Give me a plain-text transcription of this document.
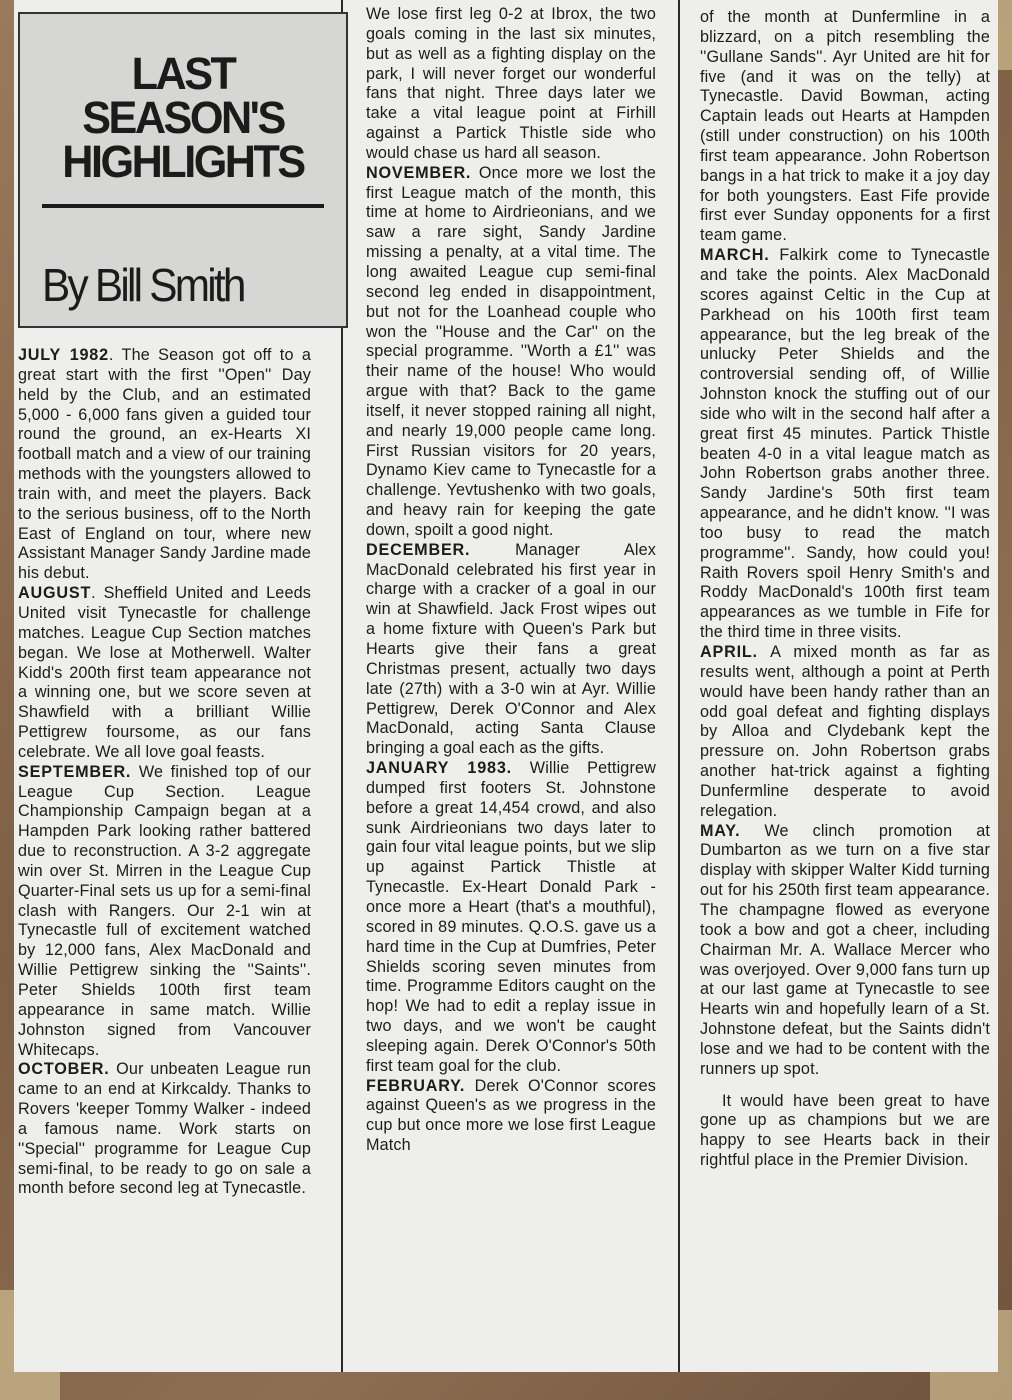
LAST
SEASON'S
HIGHLIGHTS
By Bill Smith

JULY 1982. The Season got off to a great start with the first ''Open'' Day held by the Club, and an estimated 5,000 - 6,000 fans given a guided tour round the ground, an ex-Hearts XI football match and a view of our training methods with the youngsters allowed to train with, and meet the players. Back to the serious business, off to the North East of England on tour, where new Assistant Manager Sandy Jardine made his debut.

AUGUST. Sheffield United and Leeds United visit Tynecastle for challenge matches. League Cup Section matches began. We lose at Motherwell. Walter Kidd's 200th first team appearance not a winning one, but we score seven at Shawfield with a brilliant Willie Pettigrew foursome, as our fans celebrate. We all love goal feasts.

SEPTEMBER. We finished top of our League Cup Section. League Championship Campaign began at a Hampden Park looking rather battered due to reconstruction. A 3-2 aggregate win over St. Mirren in the League Cup Quarter-Final sets us up for a semi-final clash with Rangers. Our 2-1 win at Tynecastle full of excitement watched by 12,000 fans, Alex MacDonald and Willie Pettigrew sinking the ''Saints''. Peter Shields 100th first team appearance in same match. Willie Johnston signed from Vancouver Whitecaps.

OCTOBER. Our unbeaten League run came to an end at Kirkcaldy. Thanks to Rovers 'keeper Tommy Walker - indeed a famous name. Work starts on ''Special'' programme for League Cup semi-final, to be ready to go on sale a month before second leg at Tynecastle.

We lose first leg 0-2 at Ibrox, the two goals coming in the last six minutes, but as well as a fighting display on the park, I will never forget our wonderful fans that night. Three days later we take a vital league point at Firhill against a Partick Thistle side who would chase us hard all season.

NOVEMBER. Once more we lost the first League match of the month, this time at home to Airdrieonians, and we saw a rare sight, Sandy Jardine missing a penalty, at a vital time. The long awaited League cup semi-final second leg ended in disappointment, but not for the Loanhead couple who won the ''House and the Car'' on the special programme. ''Worth a £1'' was their name of the house! Who would argue with that? Back to the game itself, it never stopped raining all night, and nearly 19,000 people came long. First Russian visitors for 20 years, Dynamo Kiev came to Tynecastle for a challenge. Yevtushenko with two goals, and heavy rain for keeping the gate down, spoilt a good night.

DECEMBER. Manager Alex MacDonald celebrated his first year in charge with a cracker of a goal in our win at Shawfield. Jack Frost wipes out a home fixture with Queen's Park but Hearts give their fans a great Christmas present, actually two days late (27th) with a 3-0 win at Ayr. Willie Pettigrew, Derek O'Connor and Alex MacDonald, acting Santa Clause bringing a goal each as the gifts.

JANUARY 1983. Willie Pettigrew dumped first footers St. Johnstone before a great 14,454 crowd, and also sunk Airdrieonians two days later to gain four vital league points, but we slip up against Partick Thistle at Tynecastle. Ex-Heart Donald Park - once more a Heart (that's a mouthful), scored in 89 minutes. Q.O.S. gave us a hard time in the Cup at Dumfries, Peter Shields scoring seven minutes from time. Programme Editors caught on the hop! We had to edit a replay issue in two days, and we won't be caught sleeping again. Derek O'Connor's 50th first team goal for the club.

FEBRUARY. Derek O'Connor scores against Queen's as we progress in the cup but once more we lose first League Match

of the month at Dunfermline in a blizzard, on a pitch resembling the ''Gullane Sands''. Ayr United are hit for five (and it was on the telly) at Tynecastle. David Bowman, acting Captain leads out Hearts at Hampden (still under construction) on his 100th first team appearance. John Robertson bangs in a hat trick to make it a joy day for both youngsters. East Fife provide first ever Sunday opponents for a first team game.

MARCH. Falkirk come to Tynecastle and take the points. Alex MacDonald scores against Celtic in the Cup at Parkhead on his 100th first team appearance, but the leg break of the unlucky Peter Shields and the controversial sending off, of Willie Johnston knock the stuffing out of our side who wilt in the second half after a great first 45 minutes. Partick Thistle beaten 4-0 in a vital league match as John Robertson grabs another three. Sandy Jardine's 50th first team appearance, and he didn't know. ''I was too busy to read the match programme''. Sandy, how could you! Raith Rovers spoil Henry Smith's and Roddy MacDonald's 100th first team appearances as we tumble in Fife for the third time in three visits.

APRIL. A mixed month as far as results went, although a point at Perth would have been handy rather than an odd goal defeat and fighting displays by Alloa and Clydebank kept the pressure on. John Robertson grabs another hat-trick against a fighting Dunfermline desperate to avoid relegation.

MAY. We clinch promotion at Dumbarton as we turn on a five star display with skipper Walter Kidd turning out for his 250th first team appearance. The champagne flowed as everyone took a bow and got a cheer, including Chairman Mr. A. Wallace Mercer who was overjoyed. Over 9,000 fans turn up at our last game at Tynecastle to see Hearts win and hopefully learn of a St. Johnstone defeat, but the Saints didn't lose and we had to be content with the runners up spot.

It would have been great to have gone up as champions but we are happy to see Hearts back in their rightful place in the Premier Division.
